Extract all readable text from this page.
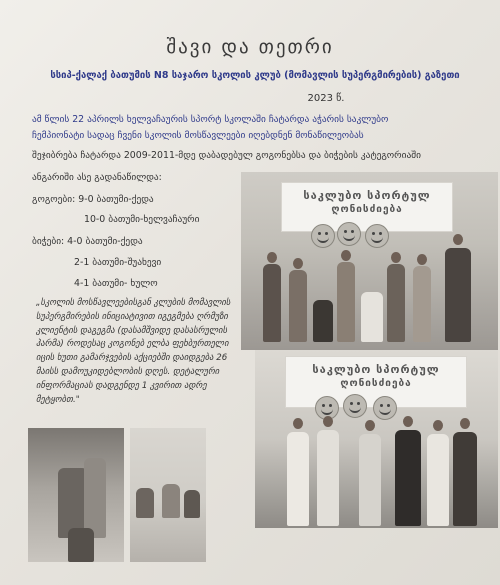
შავი და თეთრი
სსიპ-ქალაქ ბათუმის N8 საჯარო სკოლის კლუბ (მომავლის სუპერგმირების) გაზეთი
2023 წ.
ამ წლის 22 აპრილს ხელვაჩაურის სპორტ სკოლაში ჩატარდა აჭარის საკლუბო ჩემპიონატი სადაც ჩვენი სკოლის მოსწავლეები იღებდნენ მონაწილეობას
შეჯიბრება ჩატარდა 2009-2011-მდე დაბადებულ გოგონებსა და ბიჭების კატეგორიაში
ანგარიში ასე გადანაწილდა:
გოგოები: 9-0 ბათუმი-ქედა
10-0 ბათუმი-ხელვაჩაური
ბიჭები: 4-0 ბათუმი-ქედა
2-1 ბათუმი-შუახევი
4-1 ბათუმი- ხულო
„სკოლის მოსწავლეებისგან კლუბის მომავლის სუპერგმირების ინიციატივით იგეგმება ღრმუზი კლიენტის დაგეგმა (დასამშვიდე დასასრულის ჰარმა) როდესაც კოგონებ ელბა ფეხბურთელი იცის ხუთი გამარჯვების აქციებში დაიდგება 26 მაისს დამოუკიდებლობის დღეს. დეტალური ინფორმაციას დადგენდე 1 კვირით ადრე მეტყობთ."
საკლუბო სპორტულ
ღონისძიება
საკლუბო სპორტულ
ღონისძიება
